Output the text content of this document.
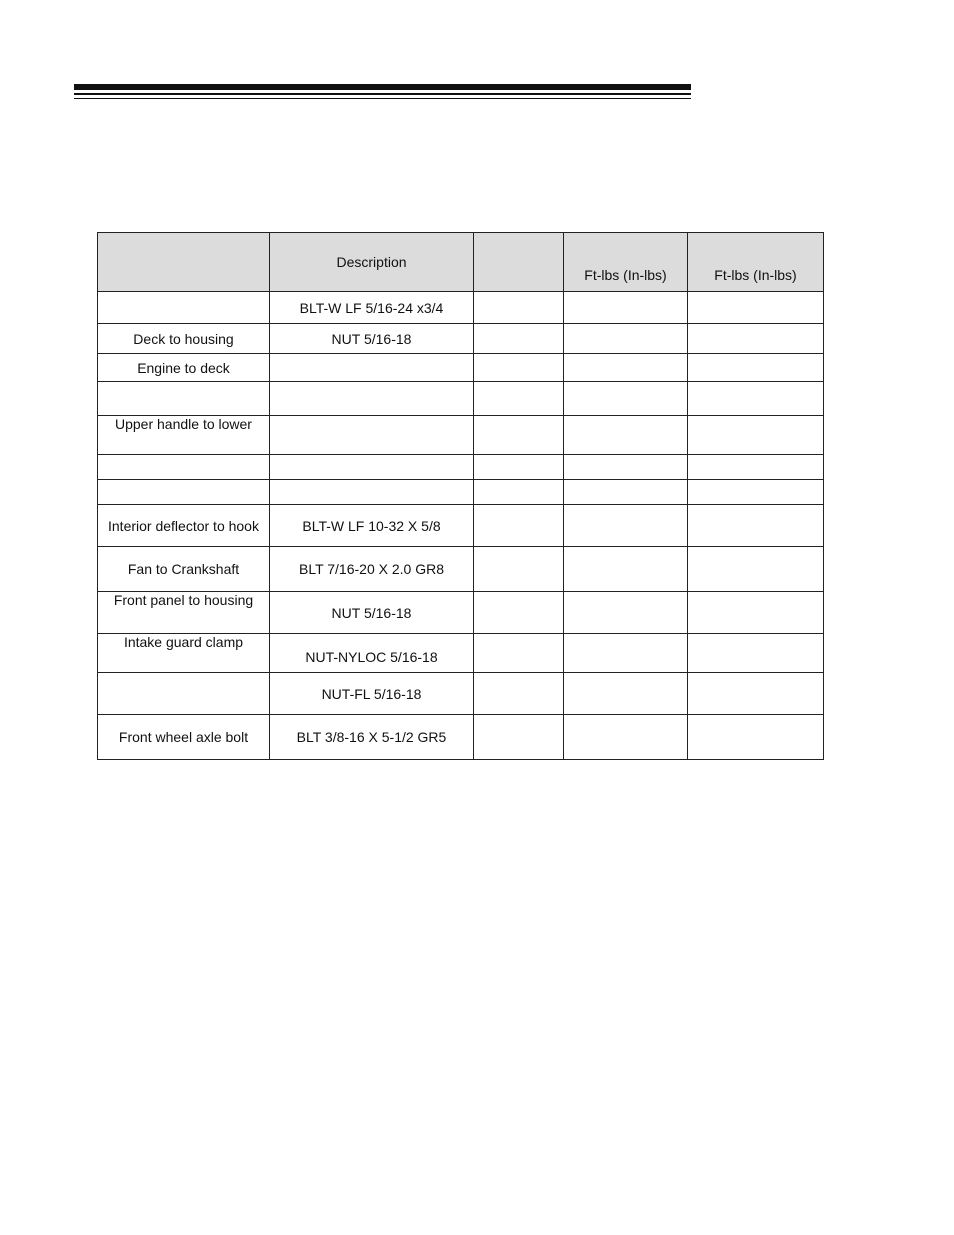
	Description		Ft-lbs (In-lbs)	Ft-lbs (In-lbs)
	BLT-W LF 5/16-24 x3/4			
Deck to housing	NUT 5/16-18			
Engine to deck				

Upper handle to lower				

Interior deflector to hook	BLT-W LF 10-32 X 5/8			
Fan to Crankshaft	BLT 7/16-20 X 2.0 GR8			
Front panel to housing	NUT 5/16-18			
Intake guard clamp	NUT-NYLOC 5/16-18			
	NUT-FL 5/16-18			
Front wheel axle bolt	BLT 3/8-16 X 5-1/2 GR5			
